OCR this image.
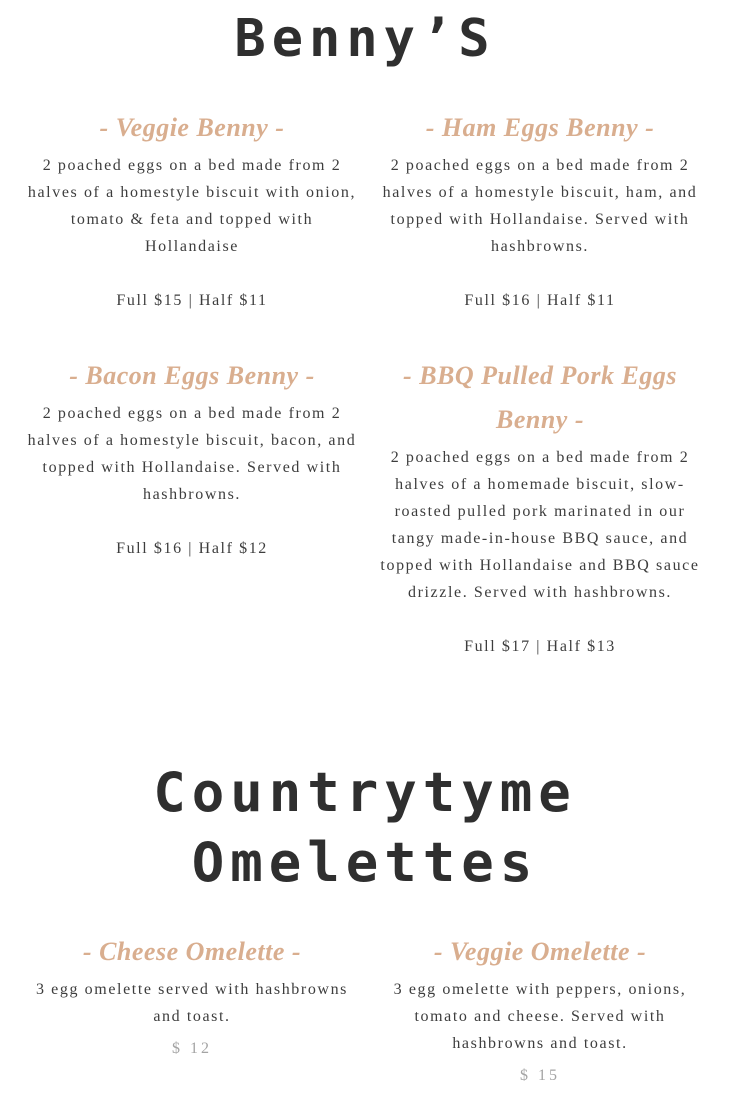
Benny’S
- Veggie Benny -

2 poached eggs on a bed made from 2 halves of a homestyle biscuit with onion, tomato & feta and topped with Hollandaise

Full $15 | Half $11

- Ham Eggs Benny -

2 poached eggs on a bed made from 2 halves of a homestyle biscuit, ham, and topped with Hollandaise. Served with hashbrowns.

Full $16 | Half $11

- Bacon Eggs Benny -

2 poached eggs on a bed made from 2 halves of a homestyle biscuit, bacon, and topped with Hollandaise. Served with hashbrowns.

Full $16 | Half $12

- BBQ Pulled Pork Eggs Benny -

2 poached eggs on a bed made from 2 halves of a homemade biscuit, slow-roasted pulled pork marinated in our tangy made-in-house BBQ sauce, and topped with Hollandaise and BBQ sauce drizzle. Served with hashbrowns.

Full $17 | Half $13

Countrytyme Omelettes
- Cheese Omelette -

3 egg omelette served with hashbrowns and toast.

$ 12

- Veggie Omelette -

3 egg omelette with peppers, onions, tomato and cheese. Served with hashbrowns and toast.

$ 15
